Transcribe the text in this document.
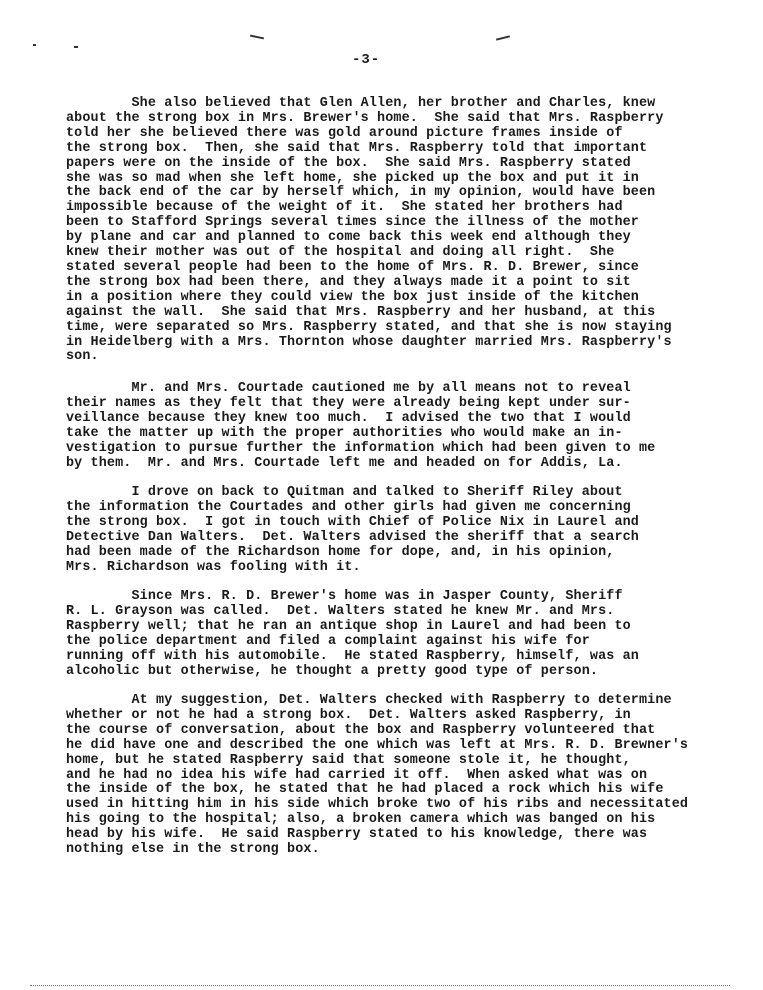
-3-
She also believed that Glen Allen, her brother and Charles, knew
about the strong box in Mrs. Brewer's home.  She said that Mrs. Raspberry
told her she believed there was gold around picture frames inside of
the strong box.  Then, she said that Mrs. Raspberry told that important
papers were on the inside of the box.  She said Mrs. Raspberry stated
she was so mad when she left home, she picked up the box and put it in
the back end of the car by herself which, in my opinion, would have been
impossible because of the weight of it.  She stated her brothers had
been to Stafford Springs several times since the illness of the mother
by plane and car and planned to come back this week end although they
knew their mother was out of the hospital and doing all right.  She
stated several people had been to the home of Mrs. R. D. Brewer, since
the strong box had been there, and they always made it a point to sit
in a position where they could view the box just inside of the kitchen
against the wall.  She said that Mrs. Raspberry and her husband, at this
time, were separated so Mrs. Raspberry stated, and that she is now staying
in Heidelberg with a Mrs. Thornton whose daughter married Mrs. Raspberry's
son.
Mr. and Mrs. Courtade cautioned me by all means not to reveal
their names as they felt that they were already being kept under sur-
veillance because they knew too much.  I advised the two that I would
take the matter up with the proper authorities who would make an in-
vestigation to pursue further the information which had been given to me
by them.  Mr. and Mrs. Courtade left me and headed on for Addis, La.
I drove on back to Quitman and talked to Sheriff Riley about
the information the Courtades and other girls had given me concerning
the strong box.  I got in touch with Chief of Police Nix in Laurel and
Detective Dan Walters.  Det. Walters advised the sheriff that a search
had been made of the Richardson home for dope, and, in his opinion,
Mrs. Richardson was fooling with it.
Since Mrs. R. D. Brewer's home was in Jasper County, Sheriff
R. L. Grayson was called.  Det. Walters stated he knew Mr. and Mrs.
Raspberry well; that he ran an antique shop in Laurel and had been to
the police department and filed a complaint against his wife for
running off with his automobile.  He stated Raspberry, himself, was an
alcoholic but otherwise, he thought a pretty good type of person.
At my suggestion, Det. Walters checked with Raspberry to determine
whether or not he had a strong box.  Det. Walters asked Raspberry, in
the course of conversation, about the box and Raspberry volunteered that
he did have one and described the one which was left at Mrs. R. D. Brewner's
home, but he stated Raspberry said that someone stole it, he thought,
and he had no idea his wife had carried it off.  When asked what was on
the inside of the box, he stated that he had placed a rock which his wife
used in hitting him in his side which broke two of his ribs and necessitated
his going to the hospital; also, a broken camera which was banged on his
head by his wife.  He said Raspberry stated to his knowledge, there was
nothing else in the strong box.
